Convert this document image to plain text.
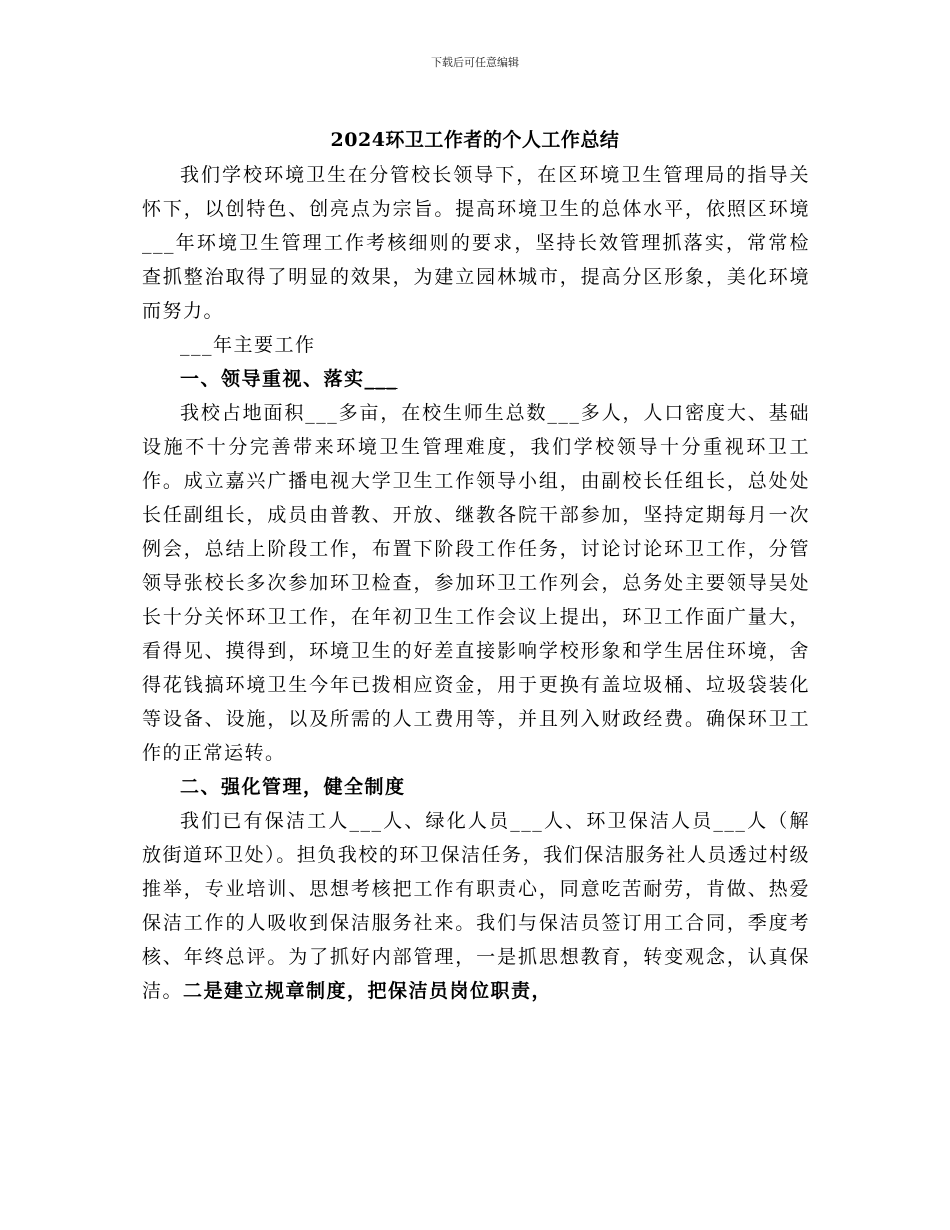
下载后可任意编辑
2024环卫工作者的个人工作总结

我们学校环境卫生在分管校长领导下，在区环境卫生管理局的指导关怀下，以创特色、创亮点为宗旨。提高环境卫生的总体水平，依照区环境___年环境卫生管理工作考核细则的要求，坚持长效管理抓落实，常常检查抓整治取得了明显的效果，为建立园林城市，提高分区形象，美化环境而努力。

___年主要工作

一、领导重视、落实___

我校占地面积___多亩，在校生师生总数___多人，人口密度大、基础设施不十分完善带来环境卫生管理难度，我们学校领导十分重视环卫工作。成立嘉兴广播电视大学卫生工作领导小组，由副校长任组长，总处处长任副组长，成员由普教、开放、继教各院干部参加，坚持定期每月一次例会，总结上阶段工作，布置下阶段工作任务，讨论讨论环卫工作，分管领导张校长多次参加环卫检查，参加环卫工作列会，总务处主要领导吴处长十分关怀环卫工作，在年初卫生工作会议上提出，环卫工作面广量大，看得见、摸得到，环境卫生的好差直接影响学校形象和学生居住环境，舍得花钱搞环境卫生今年已拨相应资金，用于更换有盖垃圾桶、垃圾袋装化等设备、设施，以及所需的人工费用等，并且列入财政经费。确保环卫工作的正常运转。

二、强化管理，健全制度

我们已有保洁工人___人、绿化人员___人、环卫保洁人员___人（解放街道环卫处）。担负我校的环卫保洁任务，我们保洁服务社人员透过村级推举，专业培训、思想考核把工作有职责心，同意吃苦耐劳，肯做、热爱保洁工作的人吸收到保洁服务社来。我们与保洁员签订用工合同，季度考核、年终总评。为了抓好内部管理，一是抓思想教育，转变观念，认真保洁。二是建立规章制度，把保洁员岗位职责，
